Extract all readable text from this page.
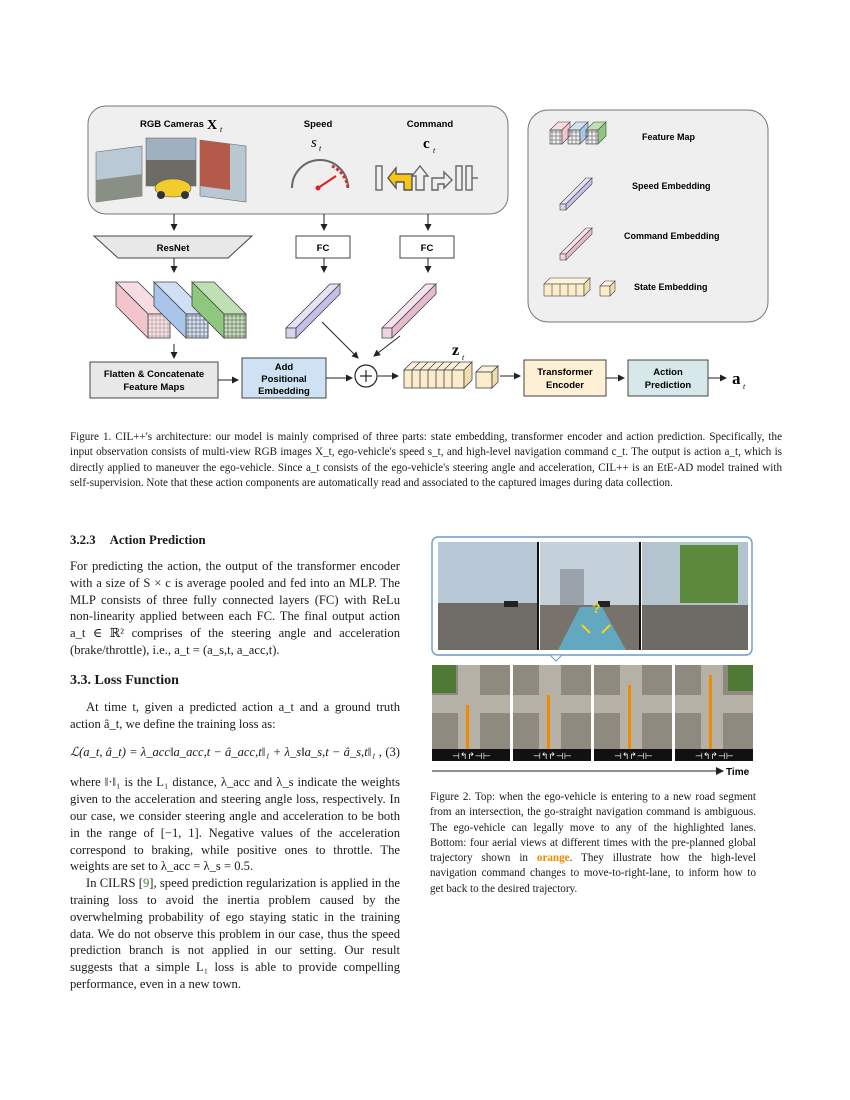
RGB Cameras X t	Speed
s t
Command
c t
ResNet	FC	FC
Flatten & Concatenate
Feature Maps
Add
Positional
Embedding
z t
Transformer
Encoder
Action
Prediction a t
Feature Map
Speed Embedding
Command Embedding
State Embedding
Figure 1. CIL++'s architecture: our model is mainly comprised of three parts: state embedding, transformer encoder and action prediction. Specifically, the input observation consists of multi-view RGB images X_t, ego-vehicle's speed s_t, and high-level navigation command c_t. The output is action a_t, which is directly applied to maneuver the ego-vehicle. Since a_t consists of the ego-vehicle's steering angle and acceleration, CIL++ is an EtE-AD model trained with self-supervision. Note that these action components are automatically read and associated to the captured images during data collection.
3.2.3 Action Prediction

For predicting the action, the output of the transformer encoder with a size of S × c is average pooled and fed into an MLP. The MLP consists of three fully connected layers (FC) with ReLu non-linearity applied between each FC. The final output action a_t ∈ ℝ² comprises of the steering angle and acceleration (brake/throttle), i.e., a_t = (a_s,t, a_acc,t).

3.3. Loss Function

At time t, given a predicted action a_t and a ground truth action â_t, we define the training loss as:

ℒ(a_t, â_t) = λ_acc‖a_acc,t − â_acc,t‖₁ + λ_s‖a_s,t − â_s,t‖₁ , (3)

where ‖·‖₁ is the L₁ distance, λ_acc and λ_s indicate the weights given to the acceleration and steering angle loss, respectively. In our case, we consider steering angle and acceleration to be both in the range of [−1, 1]. Negative values of the acceleration correspond to braking, while positive ones to throttle. The weights are set to λ_acc = λ_s = 0.5.

In CILRS [9], speed prediction regularization is applied in the training loss to avoid the inertia problem caused by the overwhelming probability of ego staying static in the training data. We do not observe this problem in our case, thus the speed prediction branch is not applied in our setting. Our result suggests that a simple L₁ loss is able to provide compelling performance, even in a new town.

?
⊣↰↱⊣⊢	⊣↰↱⊣⊢	⊣↰↱⊣⊢	⊣↰↱⊣⊢
Time
Figure 2. Top: when the ego-vehicle is entering to a new road segment from an intersection, the go-straight navigation command is ambiguous. The ego-vehicle can legally move to any of the highlighted lanes. Bottom: four aerial views at different times with the pre-planned global trajectory shown in orange. They illustrate how the high-level navigation command changes to move-to-right-lane, to inform how to get back to the desired trajectory.
